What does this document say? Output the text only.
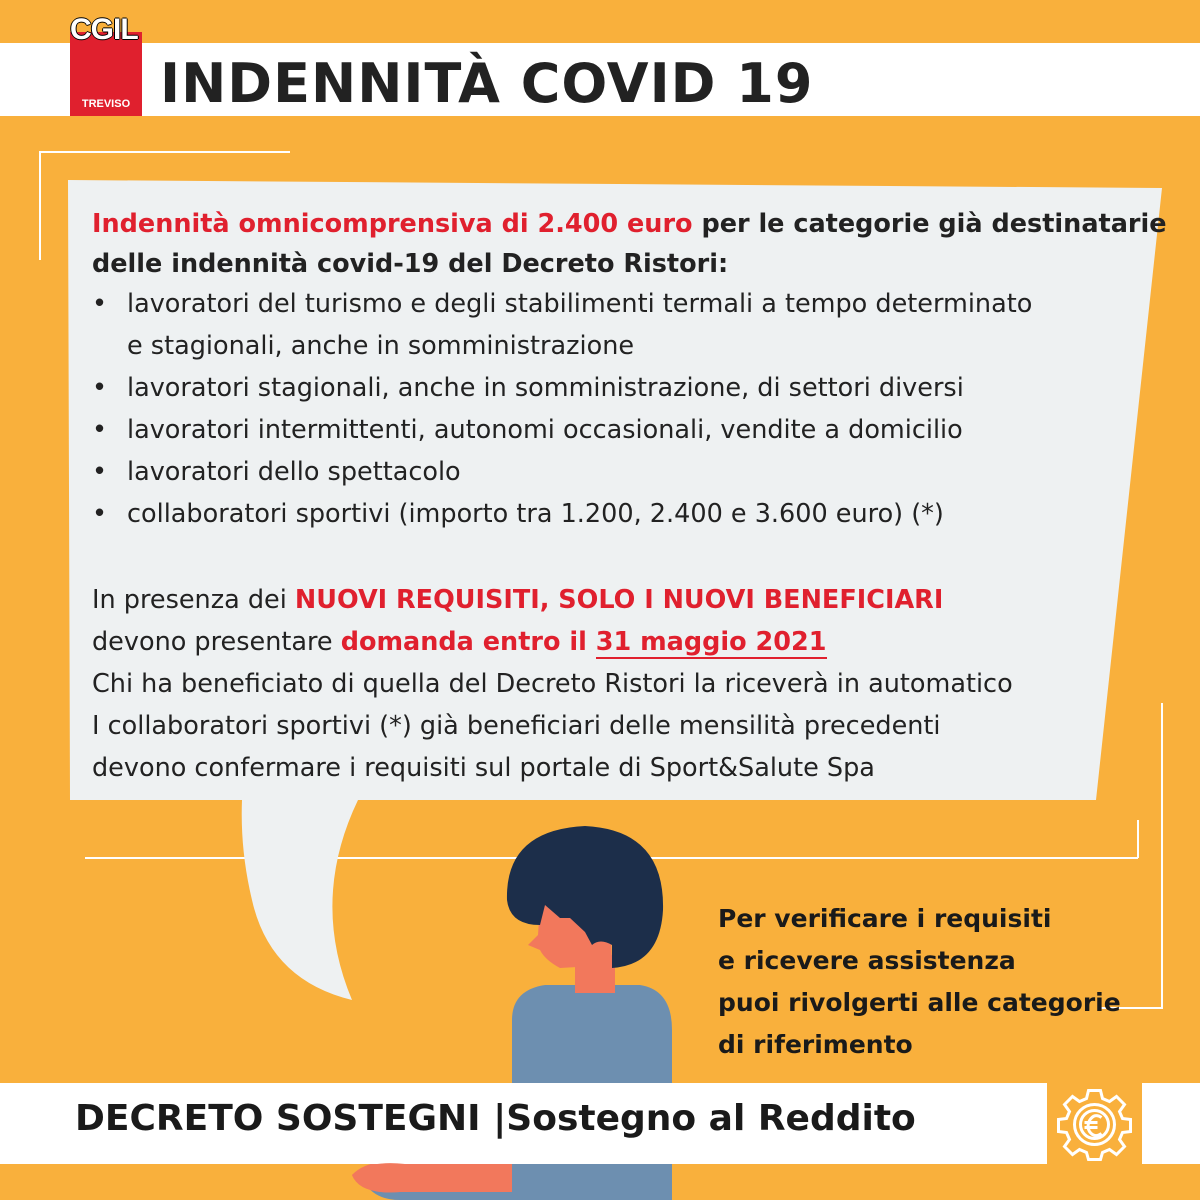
CGIL
TREVISO INDENNITÀ COVID 19
Indennità omnicomprensiva di 2.400 euro per le categorie già destinatarie
delle indennità covid-19 del Decreto Ristori:
• lavoratori del turismo e degli stabilimenti termali a tempo determinato
e stagionali, anche in somministrazione
• lavoratori stagionali, anche in somministrazione, di settori diversi
• lavoratori intermittenti, autonomi occasionali, vendite a domicilio
• lavoratori dello spettacolo
• collaboratori sportivi (importo tra 1.200, 2.400 e 3.600 euro) (*)
In presenza dei NUOVI REQUISITI, SOLO I NUOVI BENEFICIARI
devono presentare domanda entro il 31 maggio 2021
Chi ha beneficiato di quella del Decreto Ristori la riceverà in automatico
I collaboratori sportivi (*) già beneficiari delle mensilità precedenti
devono confermare i requisiti sul portale di Sport&Salute Spa
Per verificare i requisiti
e ricevere assistenza
puoi rivolgerti alle categorie
di riferimento
DECRETO SOSTEGNI |Sostegno al Reddito
